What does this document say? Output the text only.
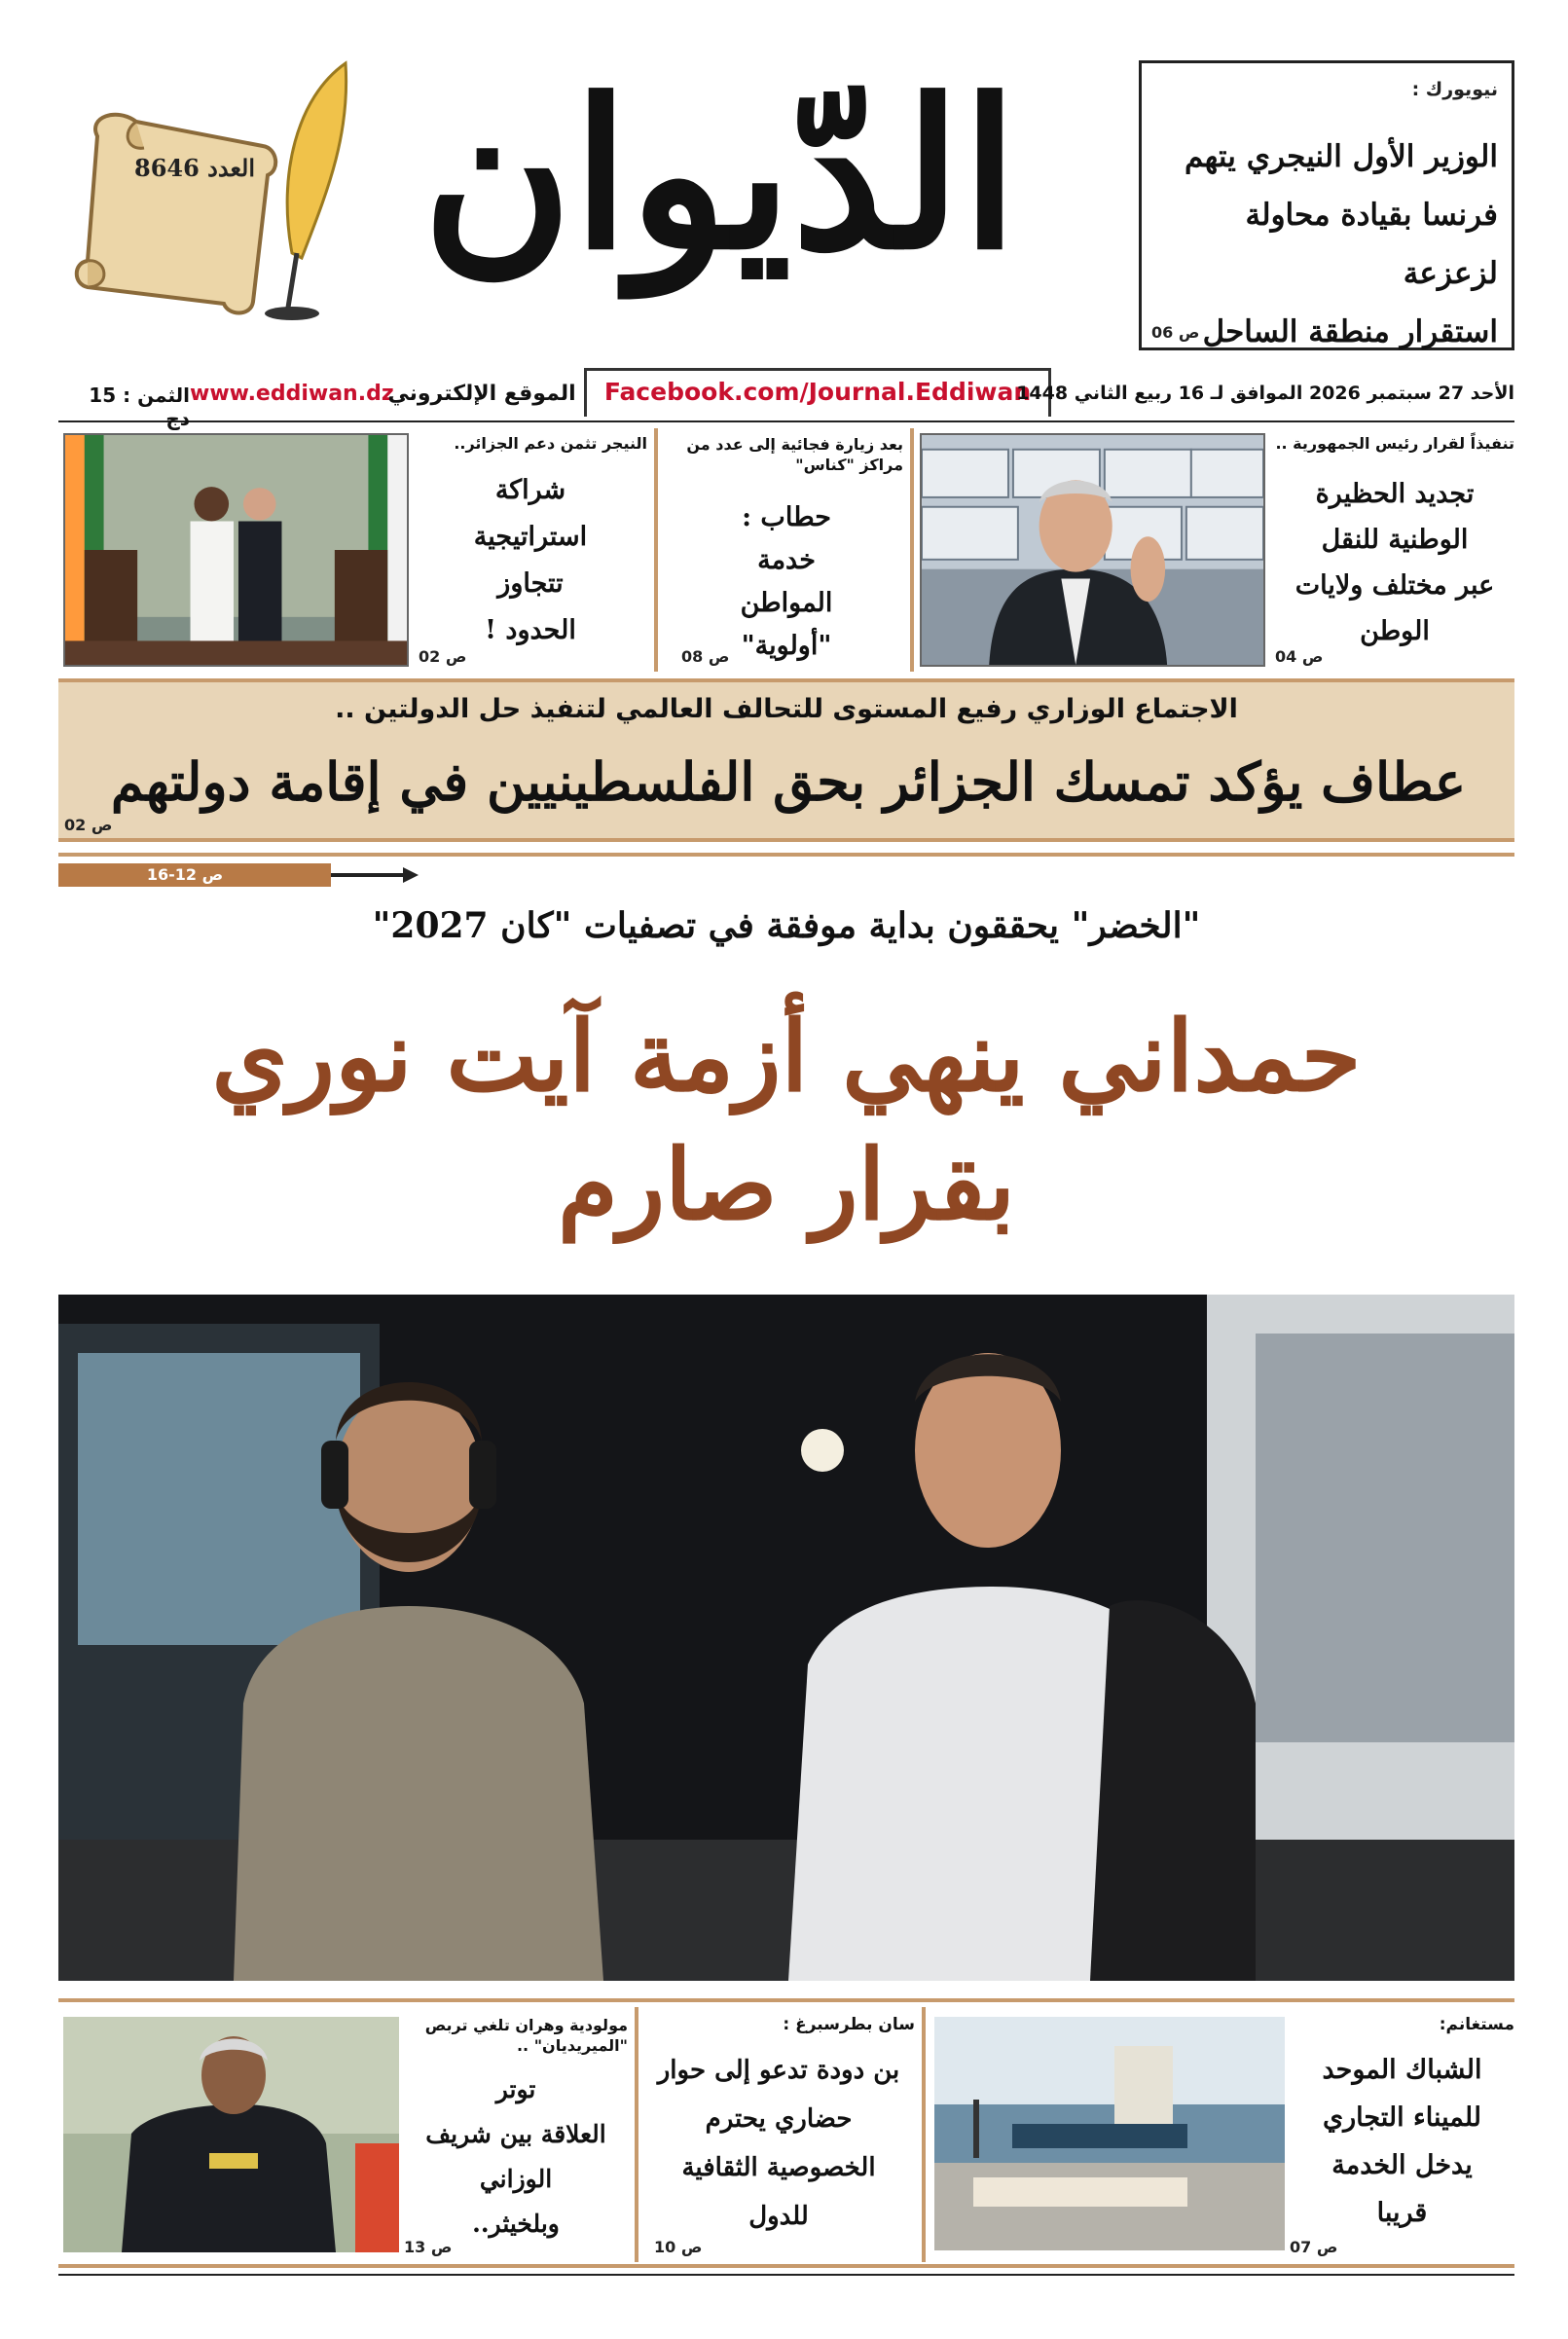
العدد 8646 الدّيوان	نيويورك :
الوزير الأول النيجري يتهم
فرنسا بقيادة محاولة لزعزعة
استقرار منطقة الساحل
ص 06
الثمن : 15 دج
www.eddiwan.dz
الموقع الإلكتروني	Facebook.com/Journal.Eddiwan
الأحد 27 سبتمبر 2026 الموافق لـ 16 ربيع الثاني 1448
تنفيذاً لقرار رئيس الجمهورية ..
تجديد الحظيرة
الوطنية للنقل
عبر مختلف ولايات
الوطن
ص 04
بعد زيارة فجائية إلى عدد من مراكز "كناس"
حطاب :
خدمة
المواطن
"أولوية"
ص 08
النيجر تثمن دعم الجزائر..
شراكة
استراتيجية
تتجاوز
الحدود !
ص 02
الاجتماع الوزاري رفيع المستوى للتحالف العالمي لتنفيذ حل الدولتين ..
عطاف يؤكد تمسك الجزائر بحق الفلسطينيين في إقامة دولتهم
ص 02
ص 12-16
"الخضر" يحققون بداية موفقة في تصفيات "كان 2027"
حمداني ينهي أزمة آيت نوري
بقرار صارم
مستغانم:
الشباك الموحد
للميناء التجاري
يدخل الخدمة
قريبا
ص 07
سان بطرسبرغ :
بن دودة تدعو إلى حوار
حضاري يحترم
الخصوصية الثقافية
للدول
ص 10
مولودية وهران تلغي تربص "الميريديان" ..
توتر
العلاقة بين شريف
الوزاني
وبلخيثر..
ص 13
